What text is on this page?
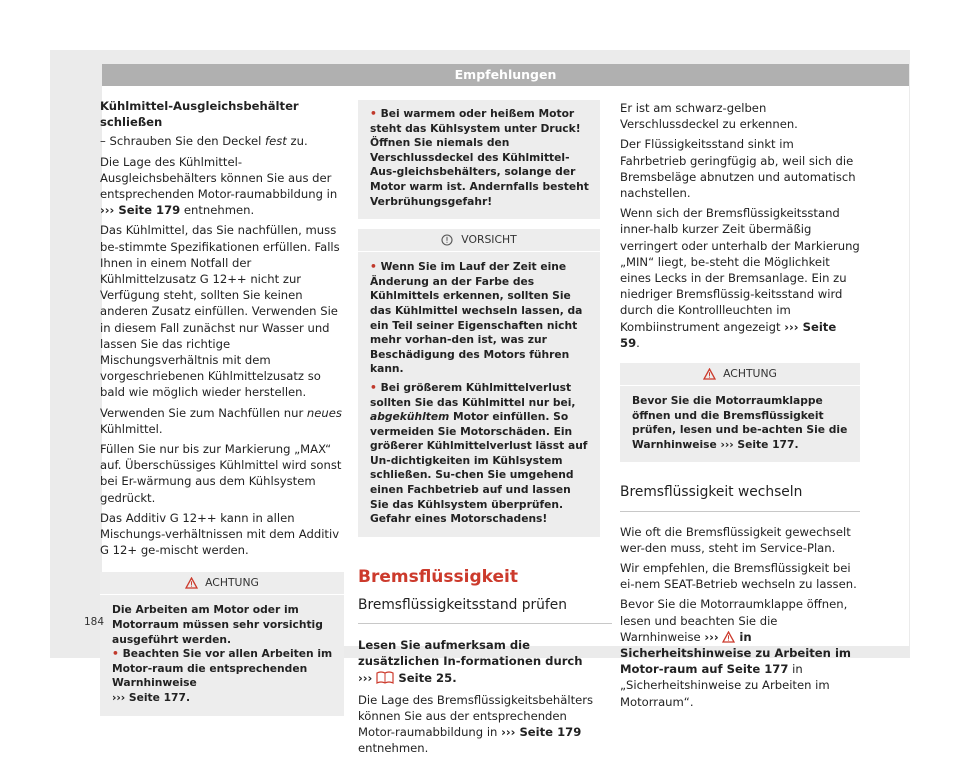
Empfehlungen

Kühlmittel-Ausgleichsbehälter schließen

– Schrauben Sie den Deckel fest zu.

Die Lage des Kühlmittel-Ausgleichsbehälters können Sie aus der entsprechenden Motor-raumabbildung in ››› Seite 179 entnehmen.

Das Kühlmittel, das Sie nachfüllen, muss be-stimmte Spezifikationen erfüllen. Falls Ihnen in einem Notfall der Kühlmittelzusatz G 12++ nicht zur Verfügung steht, sollten Sie keinen anderen Zusatz einfüllen. Verwenden Sie in diesem Fall zunächst nur Wasser und lassen Sie das richtige Mischungsverhältnis mit dem vorgeschriebenen Kühlmittelzusatz so bald wie möglich wieder herstellen.

Verwenden Sie zum Nachfüllen nur neues Kühlmittel.

Füllen Sie nur bis zur Markierung „MAX“ auf. Überschüssiges Kühlmittel wird sonst bei Er-wärmung aus dem Kühlsystem gedrückt.

Das Additiv G 12++ kann in allen Mischungs-verhältnissen mit dem Additiv G 12+ ge-mischt werden.

ACHTUNG
Die Arbeiten am Motor oder im Motorraum müssen sehr vorsichtig ausgeführt werden.
• Beachten Sie vor allen Arbeiten im Motor-raum die entsprechenden Warnhinweise
››› Seite 177.
• Bei warmem oder heißem Motor steht das Kühlsystem unter Druck! Öffnen Sie niemals den Verschlussdeckel des Kühlmittel-Aus-gleichsbehälters, solange der Motor warm ist. Andernfalls besteht Verbrühungsgefahr!
VORSICHT
• Wenn Sie im Lauf der Zeit eine Änderung an der Farbe des Kühlmittels erkennen, sollten Sie das Kühlmittel wechseln lassen, da ein Teil seiner Eigenschaften nicht mehr vorhan-den ist, was zur Beschädigung des Motors führen kann.
• Bei größerem Kühlmittelverlust sollten Sie das Kühlmittel nur bei, abgekühltem Motor einfüllen. So vermeiden Sie Motorschäden. Ein größerer Kühlmittelverlust lässt auf Un-dichtigkeiten im Kühlsystem schließen. Su-chen Sie umgehend einen Fachbetrieb auf und lassen Sie das Kühlsystem überprüfen. Gefahr eines Motorschadens!
Bremsflüssigkeit
Bremsflüssigkeitsstand prüfen

Lesen Sie aufmerksam die zusätzlichen In-formationen durch ›››  Seite 25.

Die Lage des Bremsflüssigkeitsbehälters können Sie aus der entsprechenden Motor-raumabbildung in ››› Seite 179 entnehmen.

Er ist am schwarz-gelben Verschlussdeckel zu erkennen.

Der Flüssigkeitsstand sinkt im Fahrbetrieb geringfügig ab, weil sich die Bremsbeläge abnutzen und automatisch nachstellen.

Wenn sich der Bremsflüssigkeitsstand inner-halb kurzer Zeit übermäßig verringert oder unterhalb der Markierung „MIN“ liegt, be-steht die Möglichkeit eines Lecks in der Bremsanlage. Ein zu niedriger Bremsflüssig-keitsstand wird durch die Kontrollleuchten im Kombiinstrument angezeigt ››› Seite 59.

ACHTUNG
Bevor Sie die Motorraumklappe öffnen und die Bremsflüssigkeit prüfen, lesen und be-achten Sie die Warnhinweise ››› Seite 177.
Bremsflüssigkeit wechseln

Wie oft die Bremsflüssigkeit gewechselt wer-den muss, steht im Service-Plan.

Wir empfehlen, die Bremsflüssigkeit bei ei-nem SEAT-Betrieb wechseln zu lassen.

Bevor Sie die Motorraumklappe öffnen, lesen und beachten Sie die Warnhinweise ›››  in Sicherheitshinweise zu Arbeiten im Motor-raum auf Seite 177 in „Sicherheitshinweise zu Arbeiten im Motorraum“.

184
